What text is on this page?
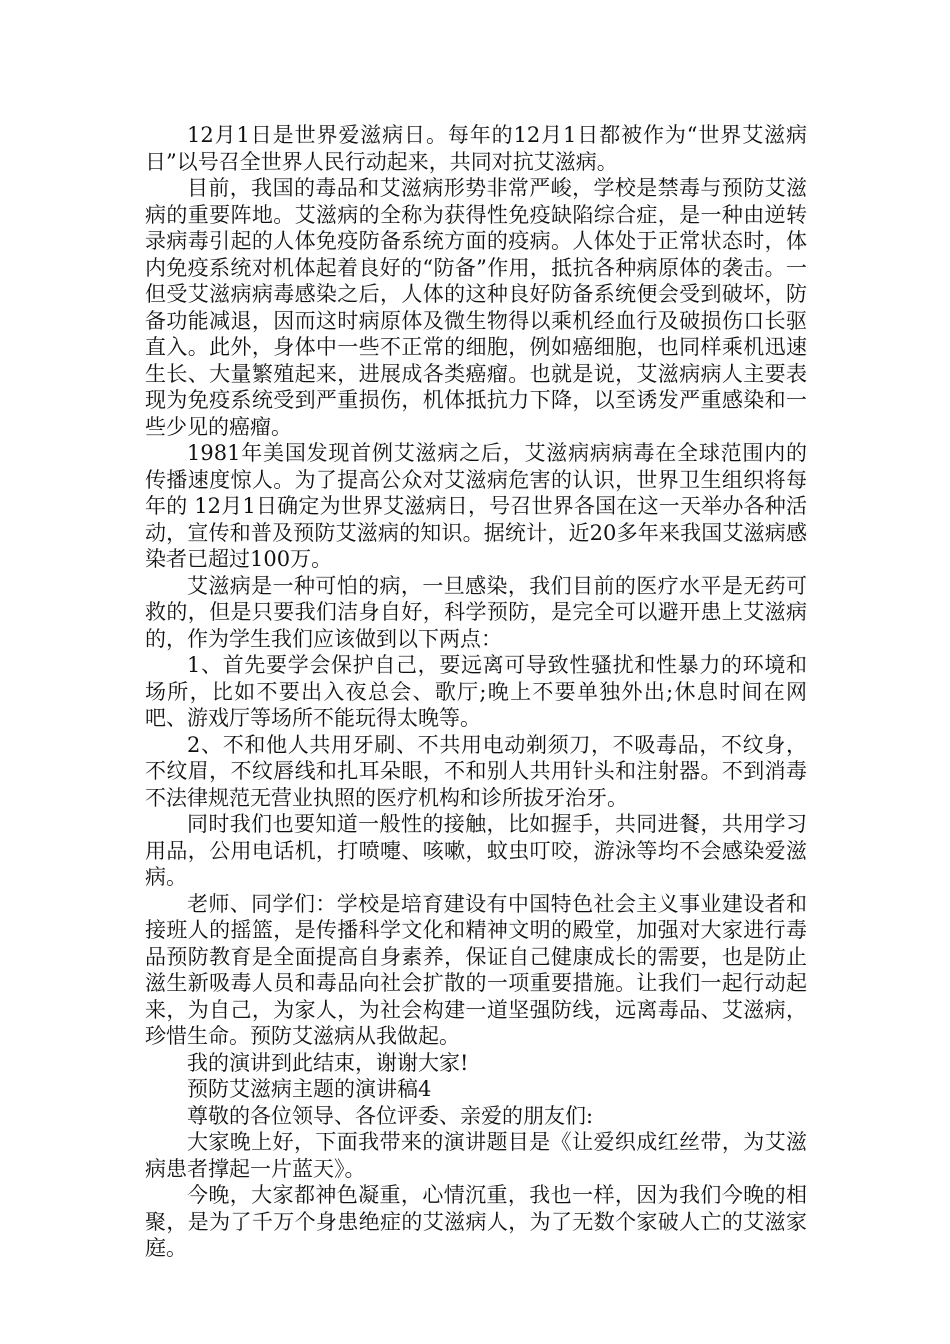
12月1日是世界爱滋病日。每年的12月1日都被作为“世界艾滋病日”以号召全世界人民行动起来，共同对抗艾滋病。

目前，我国的毒品和艾滋病形势非常严峻，学校是禁毒与预防艾滋病的重要阵地。艾滋病的全称为获得性免疫缺陷综合症，是一种由逆转录病毒引起的人体免疫防备系统方面的疫病。人体处于正常状态时，体内免疫系统对机体起着良好的“防备”作用，抵抗各种病原体的袭击。一但受艾滋病病毒感染之后，人体的这种良好防备系统便会受到破坏，防备功能减退，因而这时病原体及微生物得以乘机经血行及破损伤口长驱直入。此外，身体中一些不正常的细胞，例如癌细胞，也同样乘机迅速生长、大量繁殖起来，进展成各类癌瘤。也就是说，艾滋病病人主要表现为免疫系统受到严重损伤，机体抵抗力下降，以至诱发严重感染和一些少见的癌瘤。

1981年美国发现首例艾滋病之后，艾滋病病病毒在全球范围内的传播速度惊人。为了提高公众对艾滋病危害的认识，世界卫生组织将每年的 12月1日确定为世界艾滋病日，号召世界各国在这一天举办各种活动，宣传和普及预防艾滋病的知识。据统计，近20多年来我国艾滋病感染者已超过100万。

艾滋病是一种可怕的病，一旦感染，我们目前的医疗水平是无药可救的，但是只要我们洁身自好，科学预防，是完全可以避开患上艾滋病的，作为学生我们应该做到以下两点：

1、首先要学会保护自己，要远离可导致性骚扰和性暴力的环境和场所，比如不要出入夜总会、歌厅;晚上不要单独外出;休息时间在网吧、游戏厅等场所不能玩得太晚等。

2、不和他人共用牙刷、不共用电动剃须刀，不吸毒品，不纹身，不纹眉，不纹唇线和扎耳朵眼，不和别人共用针头和注射器。不到消毒不法律规范无营业执照的医疗机构和诊所拔牙治牙。

同时我们也要知道一般性的接触，比如握手，共同进餐，共用学习用品，公用电话机，打喷嚏、咳嗽，蚊虫叮咬，游泳等均不会感染爱滋病。

老师、同学们：学校是培育建设有中国特色社会主义事业建设者和接班人的摇篮，是传播科学文化和精神文明的殿堂，加强对大家进行毒品预防教育是全面提高自身素养，保证自己健康成长的需要，也是防止滋生新吸毒人员和毒品向社会扩散的一项重要措施。让我们一起行动起来，为自己，为家人，为社会构建一道坚强防线，远离毒品、艾滋病，珍惜生命。预防艾滋病从我做起。

我的演讲到此结束，谢谢大家!

预防艾滋病主题的演讲稿4

尊敬的各位领导、各位评委、亲爱的朋友们:

大家晚上好，下面我带来的演讲题目是《让爱织成红丝带，为艾滋病患者撑起一片蓝天》。

今晚，大家都神色凝重，心情沉重，我也一样，因为我们今晚的相聚，是为了千万个身患绝症的艾滋病人，为了无数个家破人亡的艾滋家庭。
